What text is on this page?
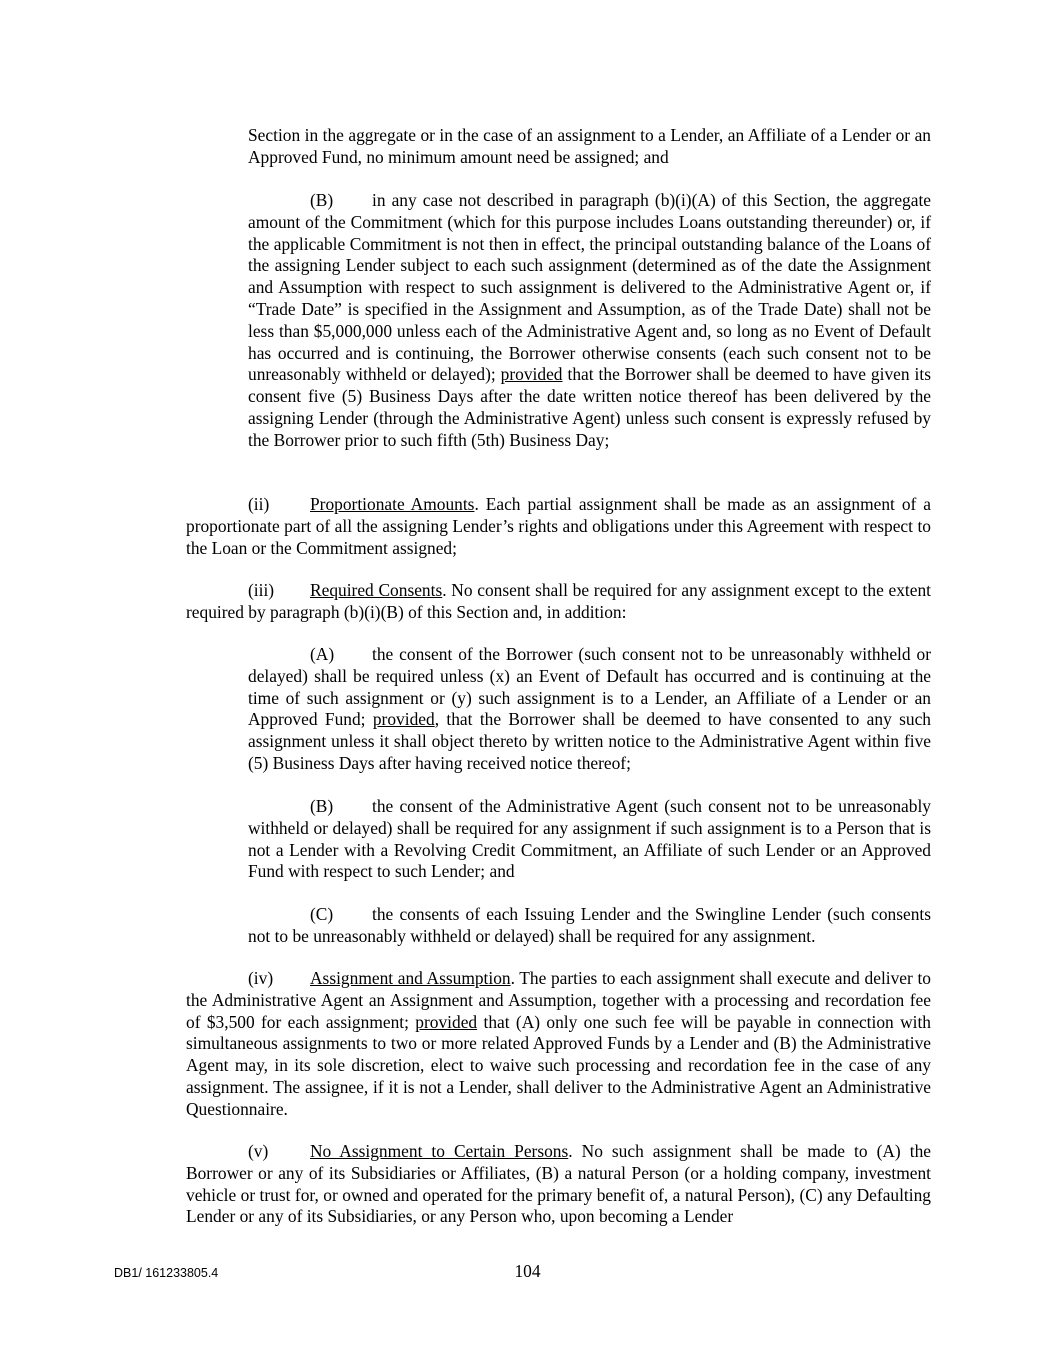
Section in the aggregate or in the case of an assignment to a Lender, an Affiliate of a Lender or an Approved Fund, no minimum amount need be assigned; and

(B) in any case not described in paragraph (b)(i)(A) of this Section, the aggregate amount of the Commitment (which for this purpose includes Loans outstanding thereunder) or, if the applicable Commitment is not then in effect, the principal outstanding balance of the Loans of the assigning Lender subject to each such assignment (determined as of the date the Assignment and Assumption with respect to such assignment is delivered to the Administrative Agent or, if “Trade Date” is specified in the Assignment and Assumption, as of the Trade Date) shall not be less than $5,000,000 unless each of the Administrative Agent and, so long as no Event of Default has occurred and is continuing, the Borrower otherwise consents (each such consent not to be unreasonably withheld or delayed); provided that the Borrower shall be deemed to have given its consent five (5) Business Days after the date written notice thereof has been delivered by the assigning Lender (through the Administrative Agent) unless such consent is expressly refused by the Borrower prior to such fifth (5th) Business Day;

(ii) Proportionate Amounts. Each partial assignment shall be made as an assignment of a proportionate part of all the assigning Lender’s rights and obligations under this Agreement with respect to the Loan or the Commitment assigned;

(iii) Required Consents. No consent shall be required for any assignment except to the extent required by paragraph (b)(i)(B) of this Section and, in addition:

(A) the consent of the Borrower (such consent not to be unreasonably withheld or delayed) shall be required unless (x) an Event of Default has occurred and is continuing at the time of such assignment or (y) such assignment is to a Lender, an Affiliate of a Lender or an Approved Fund; provided, that the Borrower shall be deemed to have consented to any such assignment unless it shall object thereto by written notice to the Administrative Agent within five (5) Business Days after having received notice thereof;

(B) the consent of the Administrative Agent (such consent not to be unreasonably withheld or delayed) shall be required for any assignment if such assignment is to a Person that is not a Lender with a Revolving Credit Commitment, an Affiliate of such Lender or an Approved Fund with respect to such Lender; and

(C) the consents of each Issuing Lender and the Swingline Lender (such consents not to be unreasonably withheld or delayed) shall be required for any assignment.

(iv) Assignment and Assumption. The parties to each assignment shall execute and deliver to the Administrative Agent an Assignment and Assumption, together with a processing and recordation fee of $3,500 for each assignment; provided that (A) only one such fee will be payable in connection with simultaneous assignments to two or more related Approved Funds by a Lender and (B) the Administrative Agent may, in its sole discretion, elect to waive such processing and recordation fee in the case of any assignment. The assignee, if it is not a Lender, shall deliver to the Administrative Agent an Administrative Questionnaire.

(v) No Assignment to Certain Persons. No such assignment shall be made to (A) the Borrower or any of its Subsidiaries or Affiliates, (B) a natural Person (or a holding company, investment vehicle or trust for, or owned and operated for the primary benefit of, a natural Person), (C) any Defaulting Lender or any of its Subsidiaries, or any Person who, upon becoming a Lender

DB1/ 161233805.4	104
